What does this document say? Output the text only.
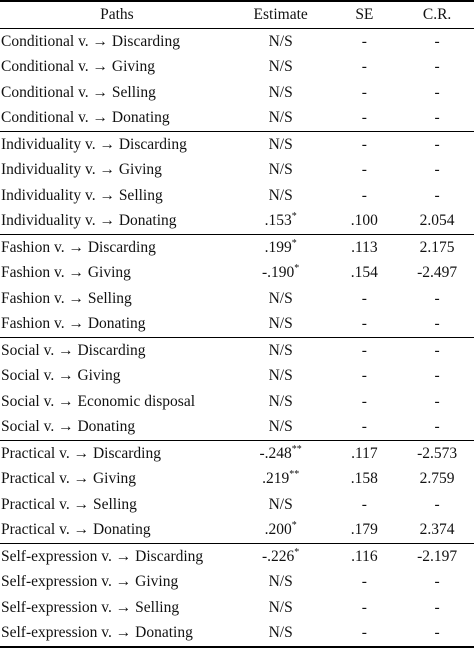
Paths	Estimate	SE	C.R.
Conditional v. → Discarding	N/S	-	-
Conditional v. → Giving	N/S	-	-
Conditional v. → Selling	N/S	-	-
Conditional v. → Donating	N/S	-	-
Individuality v. → Discarding	N/S	-	-
Individuality v. → Giving	N/S	-	-
Individuality v. → Selling	N/S	-	-
Individuality v. → Donating	.153*	.100	2.054
Fashion v. → Discarding	.199*	.113	2.175
Fashion v. → Giving	-.190*	.154	-2.497
Fashion v. → Selling	N/S	-	-
Fashion v. → Donating	N/S	-	-
Social v. → Discarding	N/S	-	-
Social v. → Giving	N/S	-	-
Social v. → Economic disposal	N/S	-	-
Social v. → Donating	N/S	-	-
Practical v. → Discarding	-.248**	.117	-2.573
Practical v. → Giving	.219**	.158	2.759
Practical v. → Selling	N/S	-	-
Practical v. → Donating	.200*	.179	2.374
Self-expression v. → Discarding	-.226*	.116	-2.197
Self-expression v. → Giving	N/S	-	-
Self-expression v. → Selling	N/S	-	-
Self-expression v. → Donating	N/S	-	-
